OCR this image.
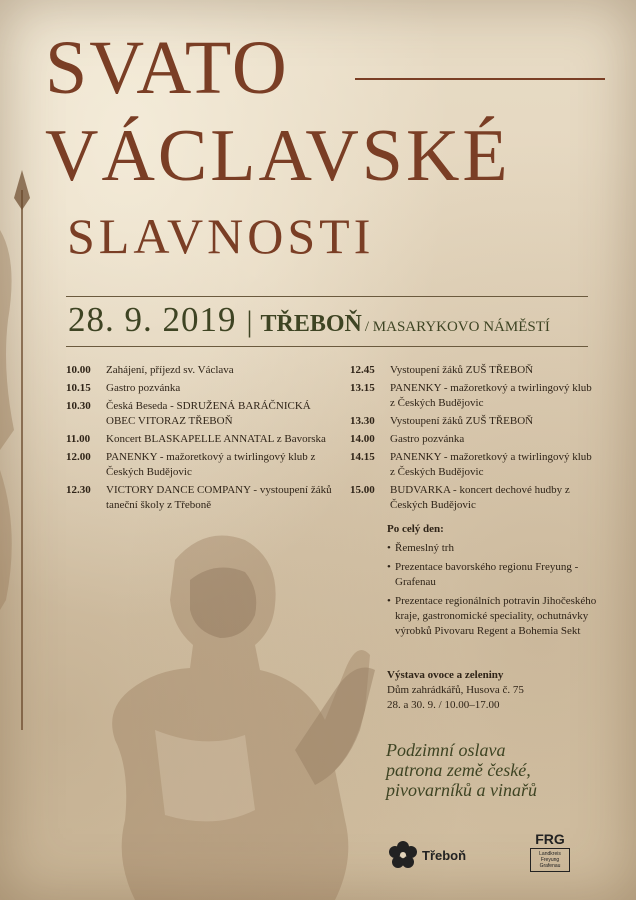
SVATO
VÁCLAVSKÉ
SLAVNOSTI
28. 9. 2019 | TŘEBOŇ / MASARYKOVO NÁMĚSTÍ
10.00	Zahájení, příjezd sv. Václava
10.15	Gastro pozvánka
10.30	Česká Beseda - SDRUŽENÁ BARÁČNICKÁ OBEC VITORAZ TŘEBOŇ
11.00	Koncert BLASKAPELLE ANNATAL z Bavorska
12.00	PANENKY - mažoretkový a twirlingový klub z Českých Budějovic
12.30	VICTORY DANCE COMPANY - vystoupení žáků taneční školy z Třeboně
12.45	Vystoupení žáků ZUŠ TŘEBOŇ
13.15	PANENKY - mažoretkový a twirlingový klub z Českých Budějovic
13.30	Vystoupení žáků ZUŠ TŘEBOŇ
14.00	Gastro pozvánka
14.15	PANENKY - mažoretkový a twirlingový klub z Českých Budějovic
15.00	BUDVARKA - koncert dechové hudby z Českých Budějovic
Po celý den:
• Řemeslný trh
• Prezentace bavorského regionu Freyung - Grafenau
• Prezentace regionálních potravin Jihočeského kraje, gastronomické speciality, ochutnávky výrobků Pivovaru Regent a Bohemia Sekt
Výstava ovoce a zeleniny
Dům zahrádkářů, Husova č. 75
28. a 30. 9. / 10.00–17.00
Podzimní oslava
patrona země české,
pivovarníků a vinařů
Třeboň
FRG
Landkreis Freyung Grafenau
